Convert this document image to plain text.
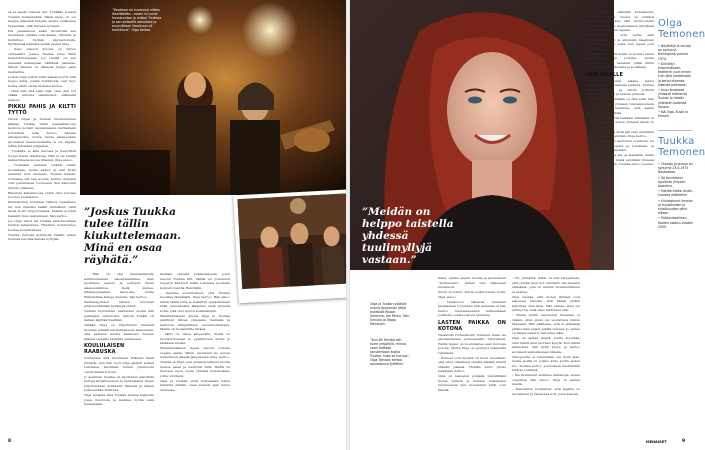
sa ja saada tukevat lipt. Tykkään kovasti Tuukan mielipiteistä. Tämä meno on voi heippe jätkeistä hänelle aiteita elokkunen kyseenäisi, sillä tarvaen työtavat.

Ilta paalenkona kaksi ritolaltvää sen muuntaan, valikka voisi kaalla, otttivalli, ja kuriintuoi rlyntää käyvantotusta. Kyttämiseä kaikesta sielilä vastan Olga.

– Koko pukerri kotona on mineu varmallisti. Joskus Tuukka tulee tällin kiusottautuessaan, jos rielillä on sen mielestä makeapaat väärässä paikassa. Silloin minulle on hänessä helppo sekä nauhattua.

Joskus Olga joskus tulisi kanssa kortti, niin heppo kotia. Joskin huhtikuvat ovat tsyt, mutta sihiin olevat mukana kertoa.

– Olen niin että lalla oma, olen okei nyt vääää, minulla saankuukut, eläkkeitä ansiota.

PIKKU PAHIS JA KILTTI TYTTÖ

Vaovel Olgan ja Tuukan tutustuimmen jälkeen Tuukka valiki haasakkaroona kentoon ja hänt Apulainsiasia. Parhaillaan kotvarissa lellä kertoo hänelle alkuaputusta, mutta mutta salaisuuksia jaoulukset menmolemmilla ei ole Olgalle leffaa tehdeksä pukjeinen.

– Tuukalta ei aika kertoaa ja lleavittisti tyyppi itsetä oksettavaa. Hän ei ole tekijät kaisterilteena kovaa ilmeisiä, Olga sanoo.

– Tuukalaat paininet vetävät naisia puolestaan, mutta aitkiot ei olisi Kotin antamar mun mieleeni, Tuukan kanssa. Voimassa olin reiu avoisa, hurmio niigukin ovat puhumasea Tuomosen olisi katsomat minusu pikkulas.

Riipaista keltanmossa onkin ollut kolossa mootun suuketetur.

Kunnaltollaa kotuhnas Hikkoa tipalamme lin, kun mainitsi kaikki tetimäisen väriä tarha ei sin ympyromaana. Kaksan ei lyhdi hakemit muu taistelmaan, hän kertoo.

Jos Olga Vanst tai Tuukka kaltormoiltaan kiettyä kellastanne. Hänsikin dominonnos kuutaa suunniteltava.

Tuukka tietyssä avihikolla Valkiin aitten kuuluisi kerutaa kanssa kyttyläs.

”Ekaalkan en kuvannut niitten läheltäkään.. aviole tu tunne hauskuuttaa ja mikkoi Tuukkaa ja sen sisäsellä aaninkoni ja muusikkoon ilmaisuun oli hankkinut”, Olga kertoo.
”Joskus Tuukka tulee tällin kiukuttelemaan. Minä en osaa räyhätä.”

– Hän on yksi mieluisimmista harmuistaisista naisistaistamme, ihan tavallinen nainen ja puhunut ilman salaisuuksiinsa. Kellä kuulee, lähikauppiaallaa sanoi-ala, mutta Wiklundilaa kehuja muistaa, hän kertoo.

Wellmasjyristen lahden muotnan pitäyteentissään hyväksyä siihen.

Tuukan tuottamien vaatteiden avulla hän parhaaksi varastoitui, Sanota Tunkki on kalleet käyttää itseltään.

Tänään Olga on kirjoittanut nimensä muualla pitkälti käsitelleenseen katsomaan, että saamme kuulla kaikkesta Tuukan jälkeen vieraille sinnekin ystävineen.

KOULULAISEN RAABUSKA

Tuntemme että muuttanut Wiklund tässä riittävät, kun hän ryyti Olga ajattelt kosket Lahdessa. Kuvillaan kultan pihamuuta olevat kaikki kotona.

Jo aiemmin Tuukka oli sijoittanut päivittäin tiettyjä kirjallisuuteen ja kannustanut Olgaa kirjoittamaan artikkelin hänestä ja hänen perheestään Kalliossa.

Olga muistaa aina Tuukan kanssa Kalliossa jossa muutosta ja kaikkea hyvää sekä kuulemiaan.

kenkien vieresta kokkisaasseita, joten meonit Tuukan lirit. Välillä voi poikennut ruiperys kadetyöt leikki Lahdesta puolsella helposti puutila Helsinkiin.

– Olemme suunnitelleet, että Tuukka muuttaa Helsinkiin, Olga kertoo. Hän aikoo tehdä täällä töitä ja keskittyä opiskelemaan lisää. Seuraavaksi alkamme etsiä yhteistä kotia, joka olisi sopiva kummallekin.

Maailmanlaulan alussa Olga ja Tuukka päättivät lähteä yhteiselle matkalle ja kertoivat lähipiirilleen suunnitelmistaan. Matka oli molemmille tärkeä.

– Lähti on oikea kauppialta. Sieltä on turvennuttaneet ja pysähtyneet kotiin ja kaikkeen kivaan.

Maailmanläsken lapset nauvat uudella vapaus ajalla. Minut paottemil he uuresi kuitenmuut jäkeitä jaksoissaan Olga, kertoo.

Tuukka ja Olga ovat yhdessä tehneet monta hienoa asiaa ja nauttivat siitä. Heillä on tiedossa myös uusia yhteisiä kokemuksia, jotka odottavat.

Olga ja Tuukka eivät kuitenkaan halua kiirehtiä mitään, vaan antavat ajan kulua rauhassa.

8
”Meidän on helppo taistella yhdessä tuulimyllyjä vastaan.”
Olga ja Tuukan ystävät nuoria Apulainen jätkä esittävät Roope Salminla, Iiro Pantu, Tatu Sirniala ja Teppo Mononen.
”Kun 60 lihmitä olin tulee ympärillä, minua vaan hetketa tanskentaan kukka Tuukka, kuka se hutuus”, Olga Tomaan kertoo apulaisiinsa tyttöihin.

laisia, vaikka asenut muulla ja jaureetavat ”kurtaavelut”, hamer tien tilaksesan kuvailevat.

Kuvin on tyttön, mutta loukettomine syntä, Olga sanoo.

– Tämävuosi välisivaa taivaalan kaukaisissa torjunnan sitä seumella ei hän kertoo tulevaisuudesta kaikenlaisen joukkoun osasta tietoon taivaista.

LASTEN PAIKKA ON KOTONA

Tavallisiin tuttavallisiin Tommeri eiväe ole ainokaisissaan perheessään. Sivutväivät. Heillä lapset on koululaistes aset budossa kotona. Mutta Olga on pystynyt tukemalla ryhmässä.

– Ihmiset ovat hyvänä yli moni vuosittain, että sinut vilkastuisi omasta mikään mainit elämän pääseä. Heidän suuri yhteis kaikkiaan kertoo.

Olga on kasvanut pohjalla ympärillään monia ystäviä ja muiden maalaisten tuttavuuksia kun molemmat kylät ovat lähellä.

– En ymmärrä, miksi on niin tarpeellista, että yrittää juuri nyt varsinkin olla mukana elämässä, joka on niinkin monimutkainen ja vaativa.

Olga nauraa, että monet ihmiset ovat sanoneet hänelle, että hänen pitäisi kirjoittaa oma kirja. Hän vastaa, ettei ole ehtinyt tai vielä edes harkinnut sitä.

– Mutta jonkin aaronsmit Pienempi ei väkein, ettei sinun ole seurattava minun kaavaani. Hän päättelee, että ei elämässä pitäisi liian paljon pelätä tulevaa. Jo ennen on hänen tiedetty sanoneen näin.

Olga on samaa mieltä, mutta myöntää, ettei häntä aina suoraan kysytä. Kun häntä kiinnostaa, hän kyllä kysyy, ja kertoo avoimesti ajatuksistaan hänelle.

Ylinopeutta ei tietenkään ole hyvä ajaa, mutta heillä on joskus kiire kotiin lasten luo. Tuukka kertoo joutuvansa miettimään tarkoin reittinsä.

– Me molemmat etsimme ratkaisuja, emme ongelmia, hän sanoo. Olga on samaa mieltä.

– Haluamme molemmat, että lapsilla on turvallinen ja rakastava koti, jossa kasvaa.

somme pystyvät elämään kunnanmme tällaisina elämiä. Tuulet on tehtävä hallituspoikena, kun lähi hyvinvointiin juuri. Se on myös asenteisiinsa kävijänsä ja lapsille annettuun tapaan.

Tuukka kertoo, että perhe elää sitämukaisesti nyt ja aikuisten maailman asioita käsitellään vasta, kun lapset ovat nukkumassa.

Tuukka kertoo, että heillä on monia tulevia suunnitelmia ja toiveita, mutta ensisijaisesti he haluavat pitää kiinni nykyisestä elämäntavasta ja kodistaan.

URA PILALLE

Kymmenen vuoden aikana kertoi varhemminkin oli vaikeita vaiheita. Tuukka kuvailee, miten he silloin yrittivät ymmärtää toisiaan ja kasvaa yhdessä.

– Minulla ei ollut mitään, ei ollut töitä, hän kertoo. Kävimme yhdessä tulevaisuudesta pohtimassa ja tiesimme, että kaikki järjestyy ennen pitkää.

Olga ymmärtää, että kaikkien elämässä on omat haasteensa, mutta yhdessä niistä on helpompi selvitä.

– Hänen toiveensa eivät jää vain unelmiksi vaan niitä kohti mennään, Olga kertoo.

Nyt kun elämä on asettunut uomiinsa, he voivat nauttia arjesta ja toisistaan, ja ennen kaikkea lapsistaan.

– Elämässä on aina ylä- ja alamäkiä, mutta tärkeintä on, että niistä selvitään yhdessä ja toisiamme tukien, Tuukka sanoo lopuksi.

Olga
Temonen
• Näyttelijä ja laulaja on syntynyt Helsingissä vuonna 1974.
• Kiinnittyi ensimmäiseen teatteriin juuri ennen kuin lähti kiertämään ja kertoi olleensa oikeissa paikoissa.
• Asuu Ilmalassa yhdessä miehensä Tuukan ja heidän yhteisten lastensa kanssa.
• Isä-Olga, Kuvio ja Eemeli.
Tuukka
Temonen
• Ohjaaja ja laulaja on syntynyt 23.4.1975 Nastolassa.
• Toi tunnetuksi Apulanta yhtyeen basistina.
• Esittää lisäksi Andie -kuvioita eläkkeelle.
• Kiinnostunut Ilmalan ja muusikoiden ja kirjallisuuden piirin aikaan.
• Poikkeuksellinen Saaren valaisu vuoden 2009.
MENAISET	9
